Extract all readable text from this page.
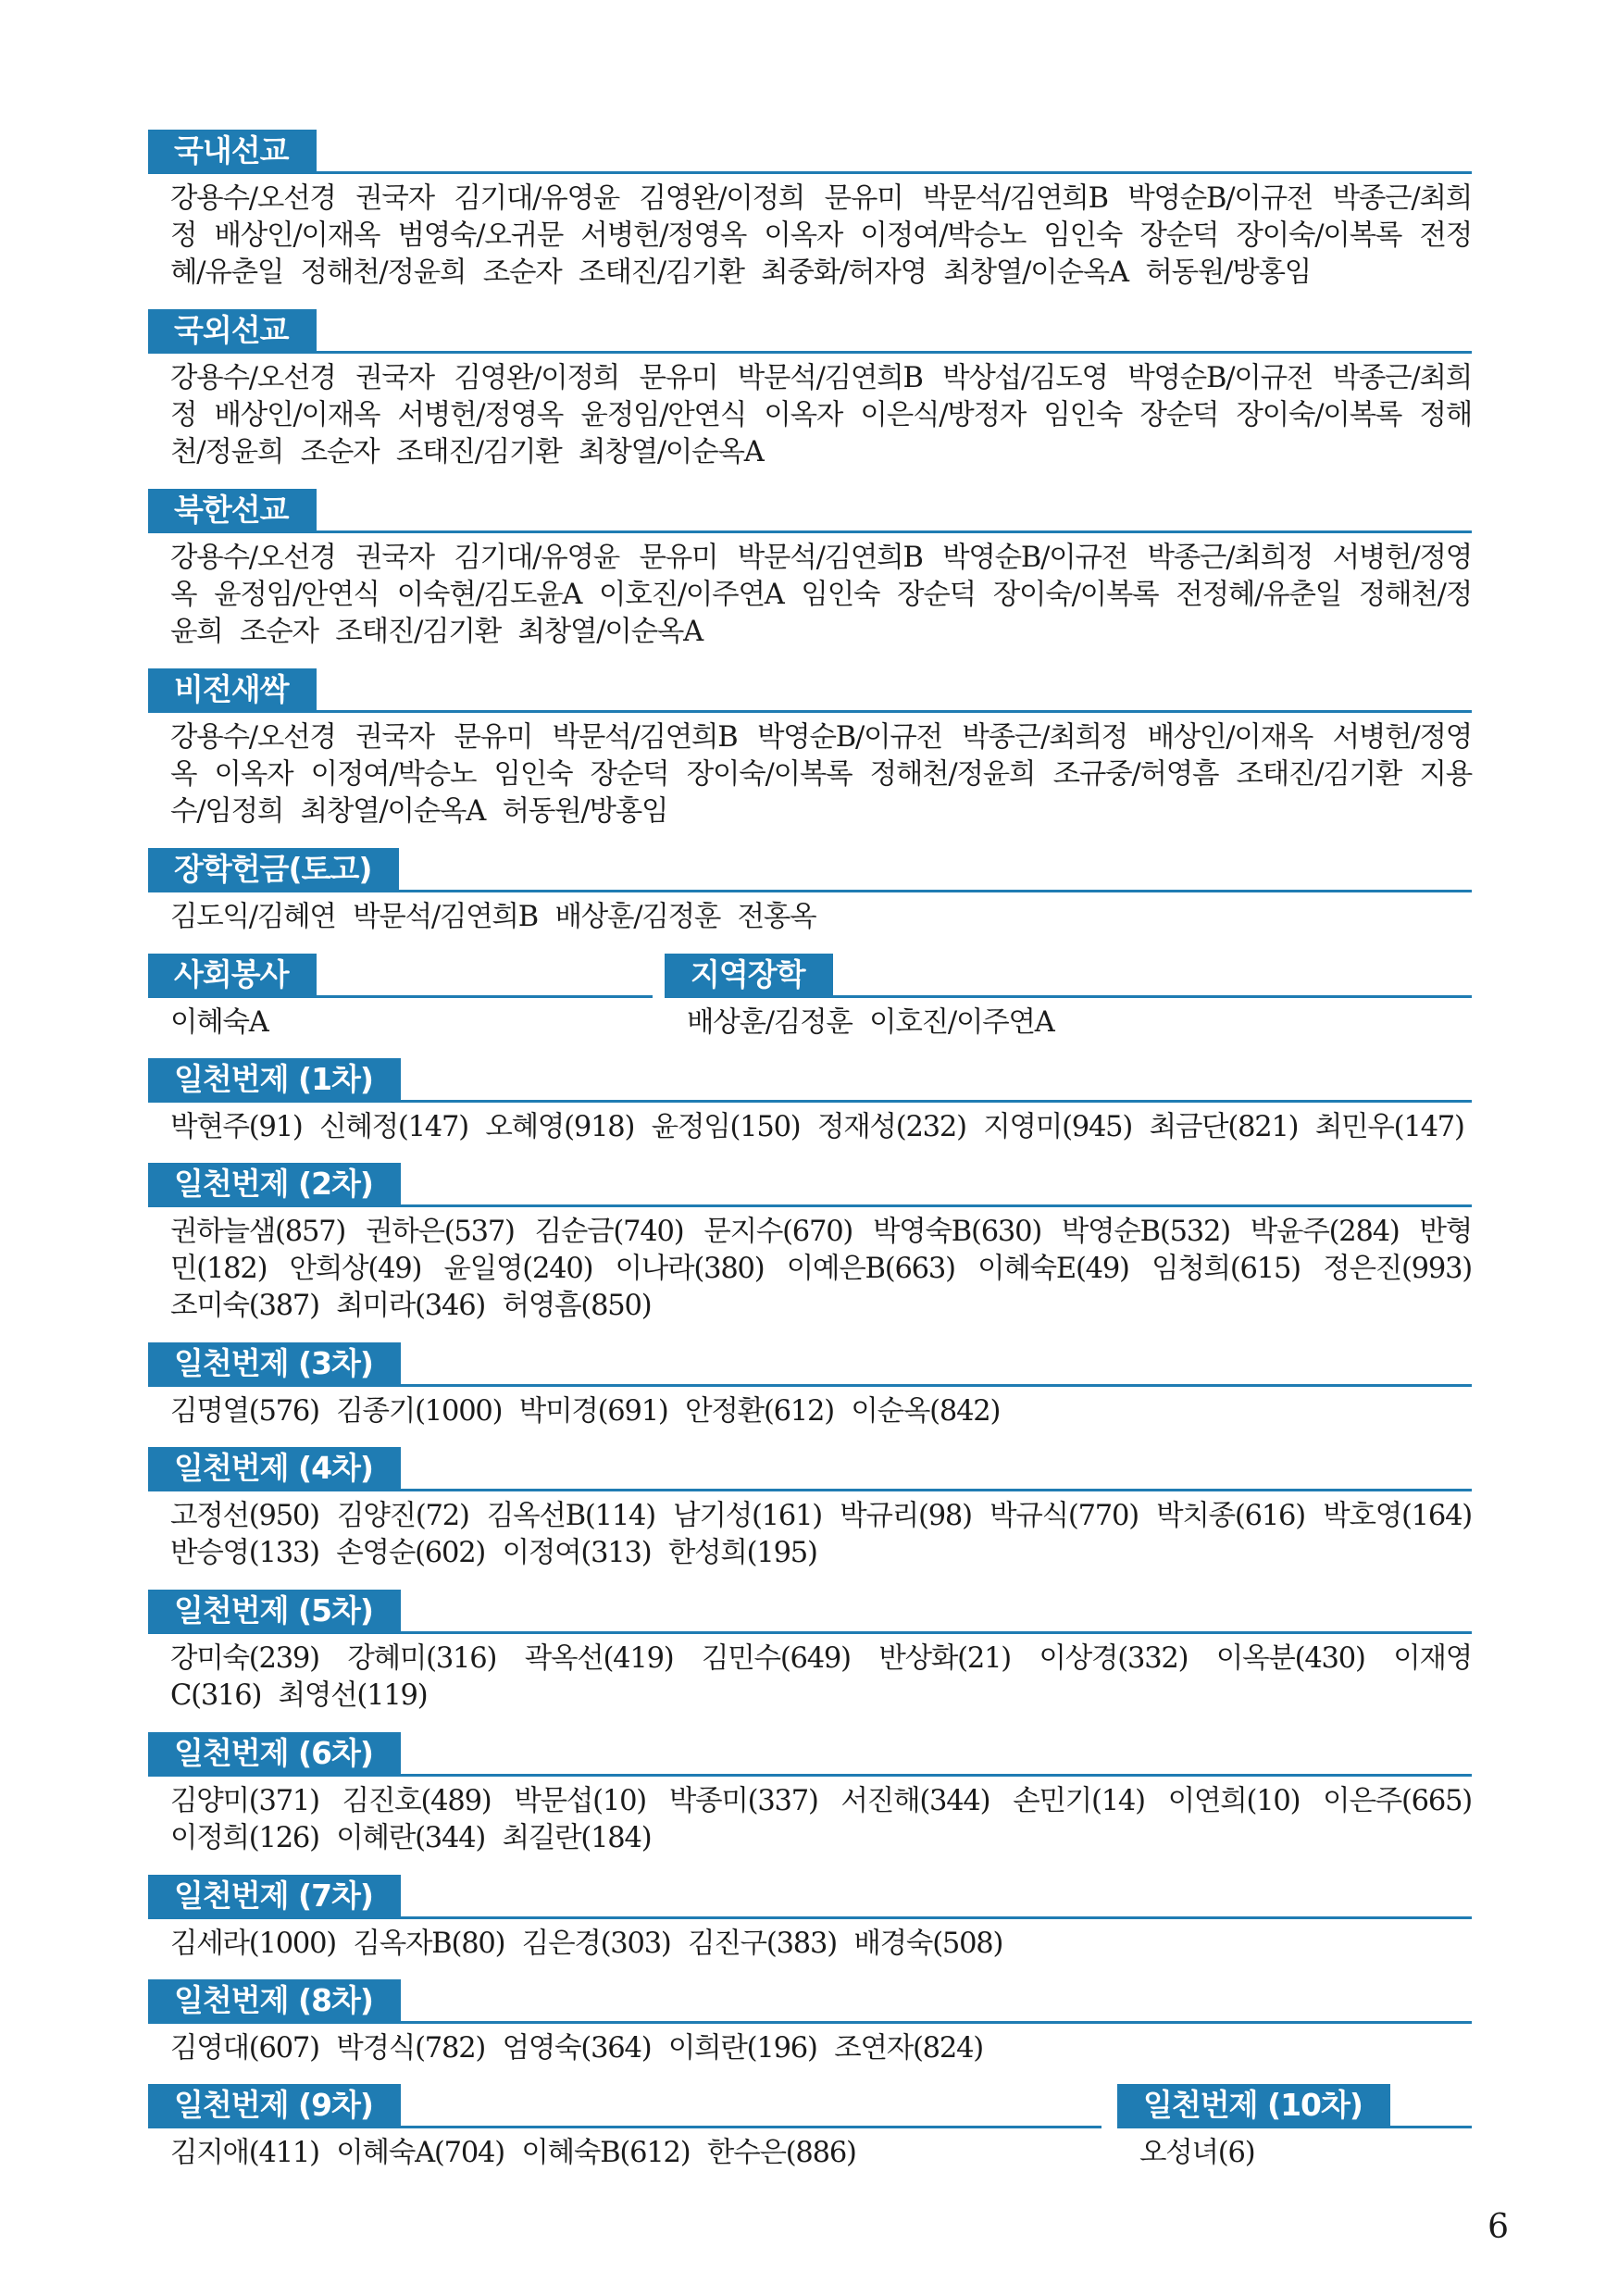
국내선교

강용수/오선경 권국자 김기대/유영윤 김영완/이정희 문유미 박문석/김연희B 박영순B/이규전 박종근/최희정 배상인/이재옥 범영숙/오귀문 서병헌/정영옥 이옥자 이정여/박승노 임인숙 장순덕 장이숙/이복록 전정혜/유춘일 정해천/정윤희 조순자 조태진/김기환 최중화/허자영 최창열/이순옥A 허동원/방홍임

국외선교

강용수/오선경 권국자 김영완/이정희 문유미 박문석/김연희B 박상섭/김도영 박영순B/이규전 박종근/최희정 배상인/이재옥 서병헌/정영옥 윤정임/안연식 이옥자 이은식/방정자 임인숙 장순덕 장이숙/이복록 정해천/정윤희 조순자 조태진/김기환 최창열/이순옥A

북한선교

강용수/오선경 권국자 김기대/유영윤 문유미 박문석/김연희B 박영순B/이규전 박종근/최희정 서병헌/정영옥 윤정임/안연식 이숙현/김도윤A 이호진/이주연A 임인숙 장순덕 장이숙/이복록 전정혜/유춘일 정해천/정윤희 조순자 조태진/김기환 최창열/이순옥A

비전새싹

강용수/오선경 권국자 문유미 박문석/김연희B 박영순B/이규전 박종근/최희정 배상인/이재옥 서병헌/정영옥 이옥자 이정여/박승노 임인숙 장순덕 장이숙/이복록 정해천/정윤희 조규중/허영흠 조태진/김기환 지용수/임정희 최창열/이순옥A 허동원/방홍임

장학헌금(토고)

김도익/김혜연 박문석/김연희B 배상훈/김정훈 전홍옥

사회봉사

이혜숙A

지역장학

배상훈/김정훈 이호진/이주연A

일천번제 (1차)

박현주(91) 신혜정(147) 오혜영(918) 윤정임(150) 정재성(232) 지영미(945) 최금단(821) 최민우(147)

일천번제 (2차)

권하늘샘(857) 권하은(537) 김순금(740) 문지수(670) 박영숙B(630) 박영순B(532) 박윤주(284) 반형민(182) 안희상(49) 윤일영(240) 이나라(380) 이예은B(663) 이혜숙E(49) 임청희(615) 정은진(993) 조미숙(387) 최미라(346) 허영흠(850)

일천번제 (3차)

김명열(576) 김종기(1000) 박미경(691) 안정환(612) 이순옥(842)

일천번제 (4차)

고정선(950) 김양진(72) 김옥선B(114) 남기성(161) 박규리(98) 박규식(770) 박치종(616) 박호영(164) 반승영(133) 손영순(602) 이정여(313) 한성희(195)

일천번제 (5차)

강미숙(239) 강혜미(316) 곽옥선(419) 김민수(649) 반상화(21) 이상경(332) 이옥분(430) 이재영C(316) 최영선(119)

일천번제 (6차)

김양미(371) 김진호(489) 박문섭(10) 박종미(337) 서진해(344) 손민기(14) 이연희(10) 이은주(665) 이정희(126) 이혜란(344) 최길란(184)

일천번제 (7차)

김세라(1000) 김옥자B(80) 김은경(303) 김진구(383) 배경숙(508)

일천번제 (8차)

김영대(607) 박경식(782) 엄영숙(364) 이희란(196) 조연자(824)

일천번제 (9차)

김지애(411) 이혜숙A(704) 이혜숙B(612) 한수은(886)

일천번제 (10차)

오성녀(6)

6
